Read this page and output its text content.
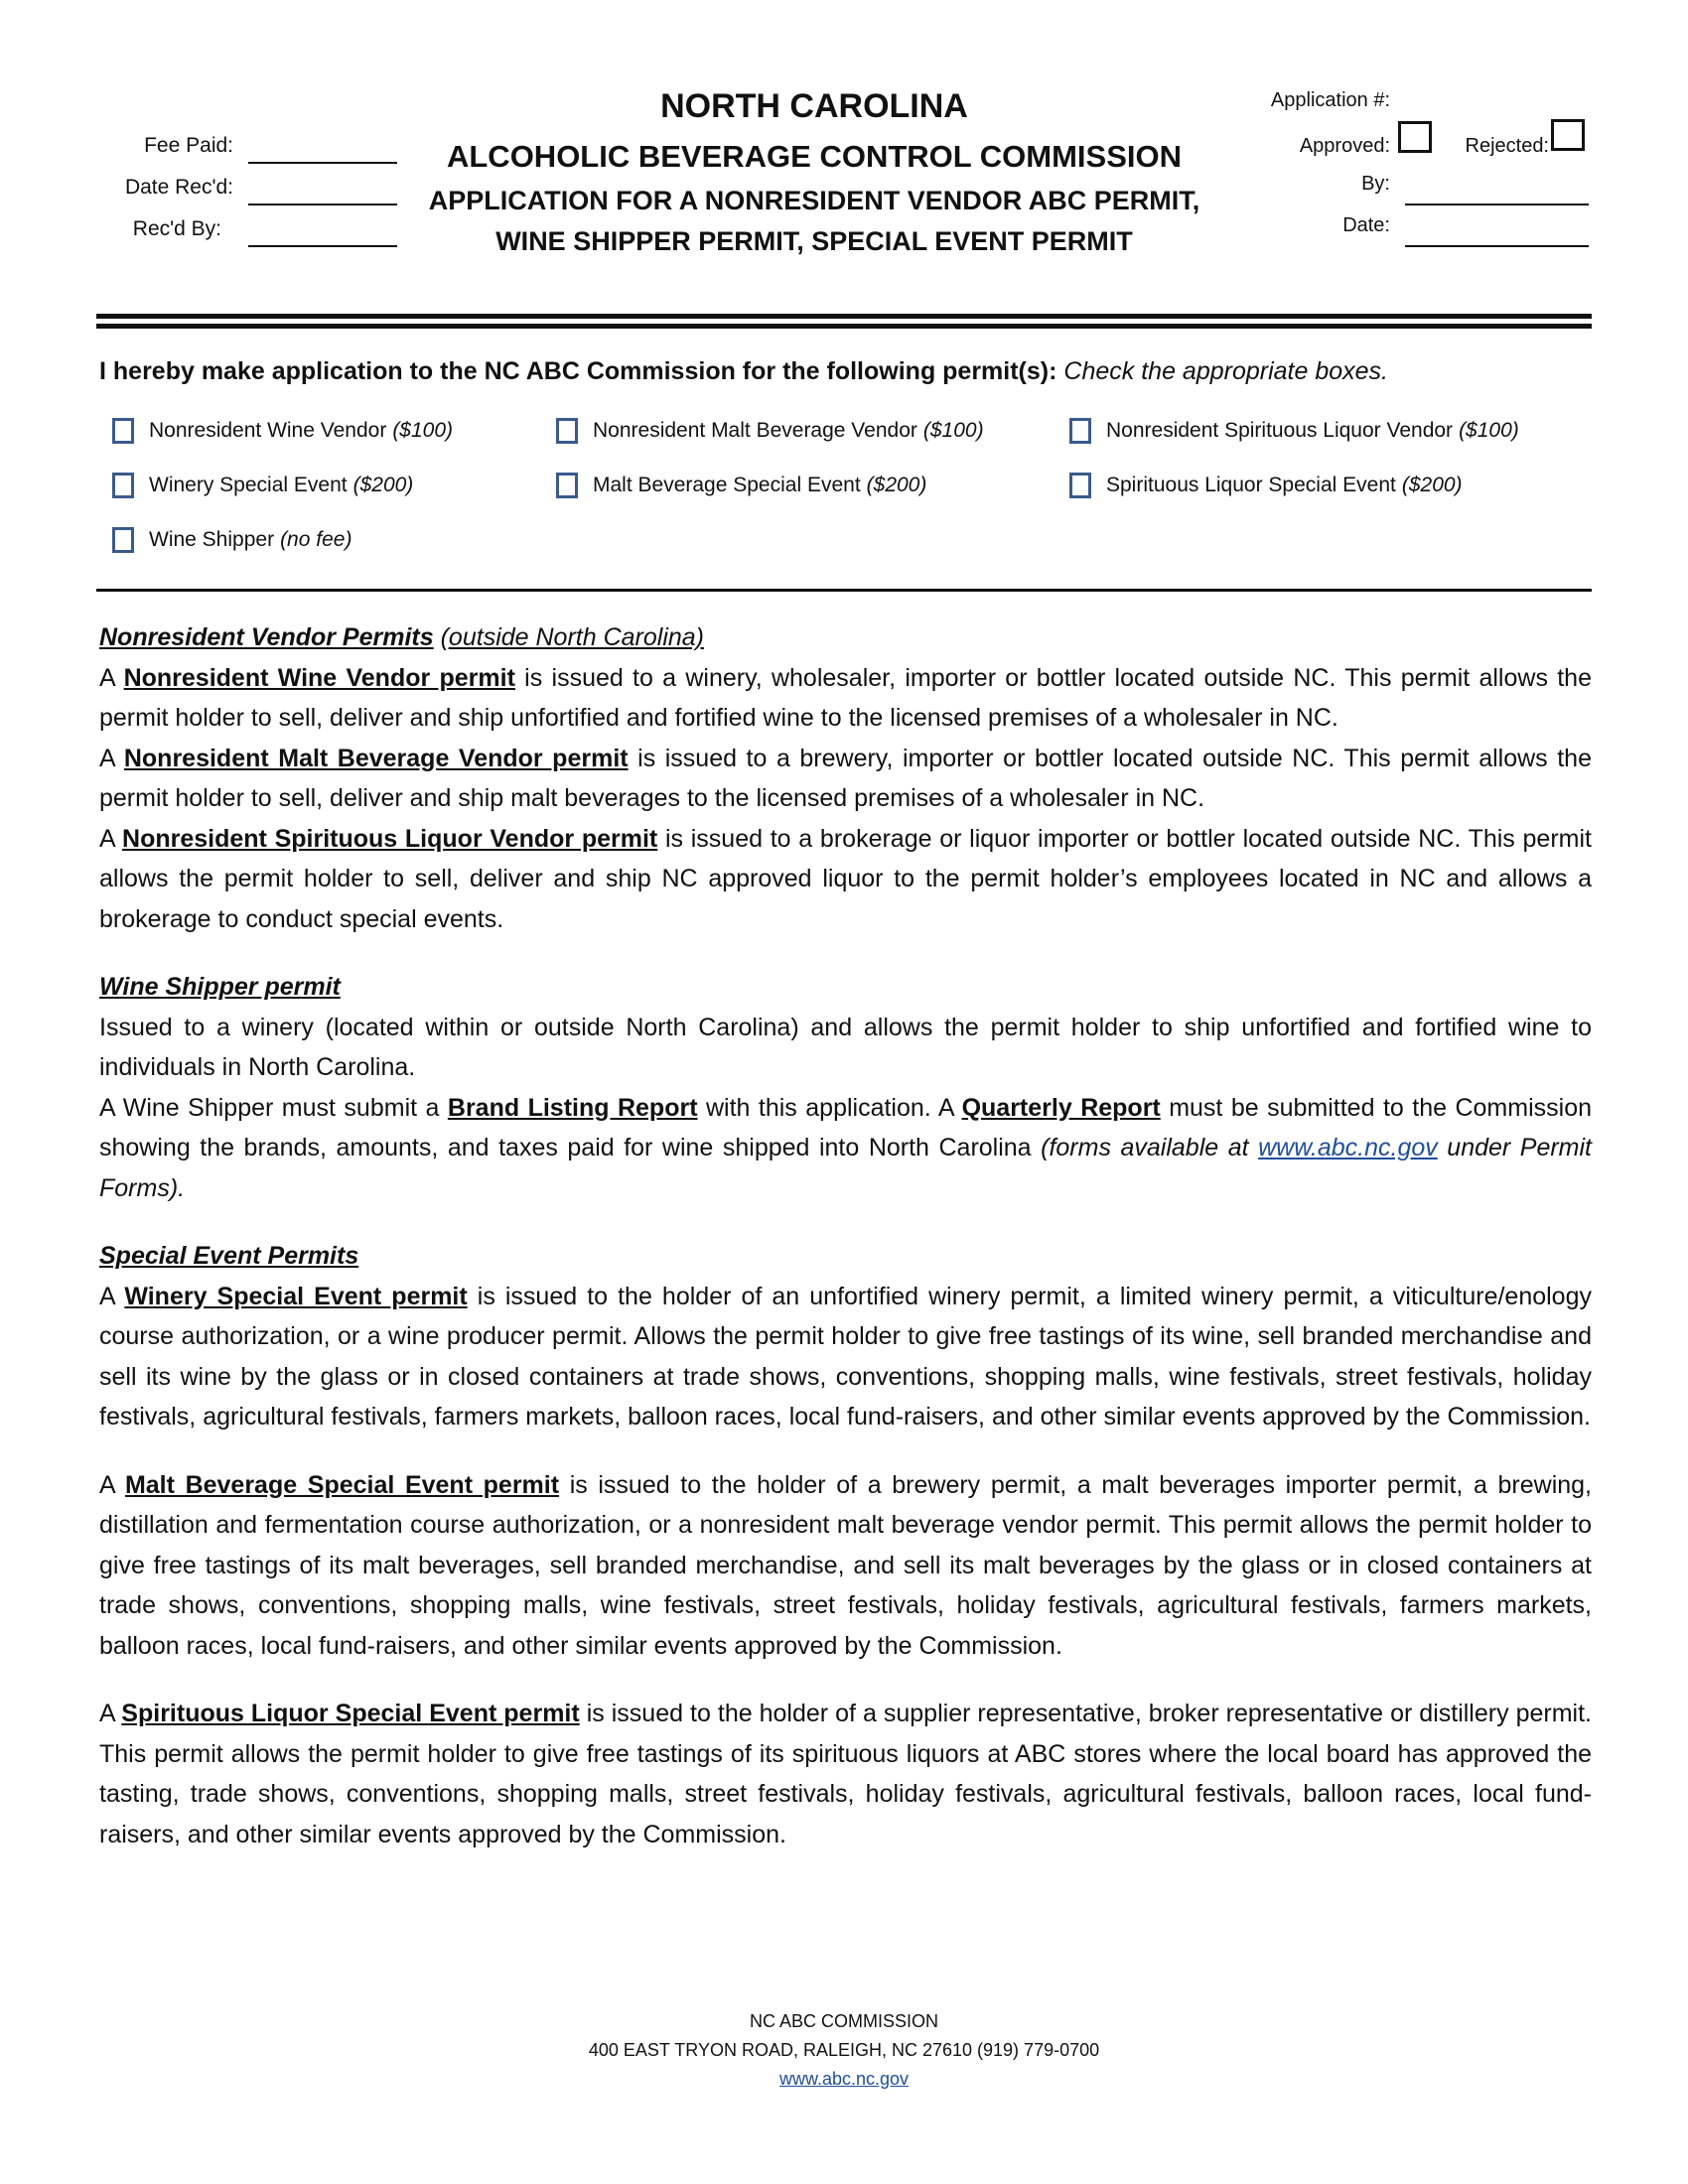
Fee Paid:
Date Rec'd:
Rec'd By:
NORTH CAROLINA
ALCOHOLIC BEVERAGE CONTROL COMMISSION
APPLICATION FOR A NONRESIDENT VENDOR ABC PERMIT,
WINE SHIPPER PERMIT, SPECIAL EVENT PERMIT
Application #:
Approved:	Rejected:
By:
Date:
I hereby make application to the NC ABC Commission for the following permit(s): Check the appropriate boxes.
Nonresident Wine Vendor ($100)	Nonresident Malt Beverage Vendor ($100)	Nonresident Spirituous Liquor Vendor ($100)
Winery Special Event ($200)	Malt Beverage Special Event ($200)	Spirituous Liquor Special Event ($200)
Wine Shipper (no fee)

Nonresident Vendor Permits (outside North Carolina)

A Nonresident Wine Vendor permit is issued to a winery, wholesaler, importer or bottler located outside NC. This permit allows the permit holder to sell, deliver and ship unfortified and fortified wine to the licensed premises of a wholesaler in NC.

A Nonresident Malt Beverage Vendor permit is issued to a brewery, importer or bottler located outside NC. This permit allows the permit holder to sell, deliver and ship malt beverages to the licensed premises of a wholesaler in NC.

A Nonresident Spirituous Liquor Vendor permit is issued to a brokerage or liquor importer or bottler located outside NC. This permit allows the permit holder to sell, deliver and ship NC approved liquor to the permit holder’s employees located in NC and allows a brokerage to conduct special events.

Wine Shipper permit

Issued to a winery (located within or outside North Carolina) and allows the permit holder to ship unfortified and fortified wine to individuals in North Carolina.

A Wine Shipper must submit a Brand Listing Report with this application. A Quarterly Report must be submitted to the Commission showing the brands, amounts, and taxes paid for wine shipped into North Carolina (forms available at www.abc.nc.gov under Permit Forms).

Special Event Permits

A Winery Special Event permit is issued to the holder of an unfortified winery permit, a limited winery permit, a viticulture/enology course authorization, or a wine producer permit. Allows the permit holder to give free tastings of its wine, sell branded merchandise and sell its wine by the glass or in closed containers at trade shows, conventions, shopping malls, wine festivals, street festivals, holiday festivals, agricultural festivals, farmers markets, balloon races, local fund-raisers, and other similar events approved by the Commission.

A Malt Beverage Special Event permit is issued to the holder of a brewery permit, a malt beverages importer permit, a brewing, distillation and fermentation course authorization, or a nonresident malt beverage vendor permit. This permit allows the permit holder to give free tastings of its malt beverages, sell branded merchandise, and sell its malt beverages by the glass or in closed containers at trade shows, conventions, shopping malls, wine festivals, street festivals, holiday festivals, agricultural festivals, farmers markets, balloon races, local fund-raisers, and other similar events approved by the Commission.

A Spirituous Liquor Special Event permit is issued to the holder of a supplier representative, broker representative or distillery permit. This permit allows the permit holder to give free tastings of its spirituous liquors at ABC stores where the local board has approved the tasting, trade shows, conventions, shopping malls, street festivals, holiday festivals, agricultural festivals, balloon races, local fund-raisers, and other similar events approved by the Commission.

NC ABC COMMISSION
400 EAST TRYON ROAD, RALEIGH, NC 27610 (919) 779-0700
www.abc.nc.gov
